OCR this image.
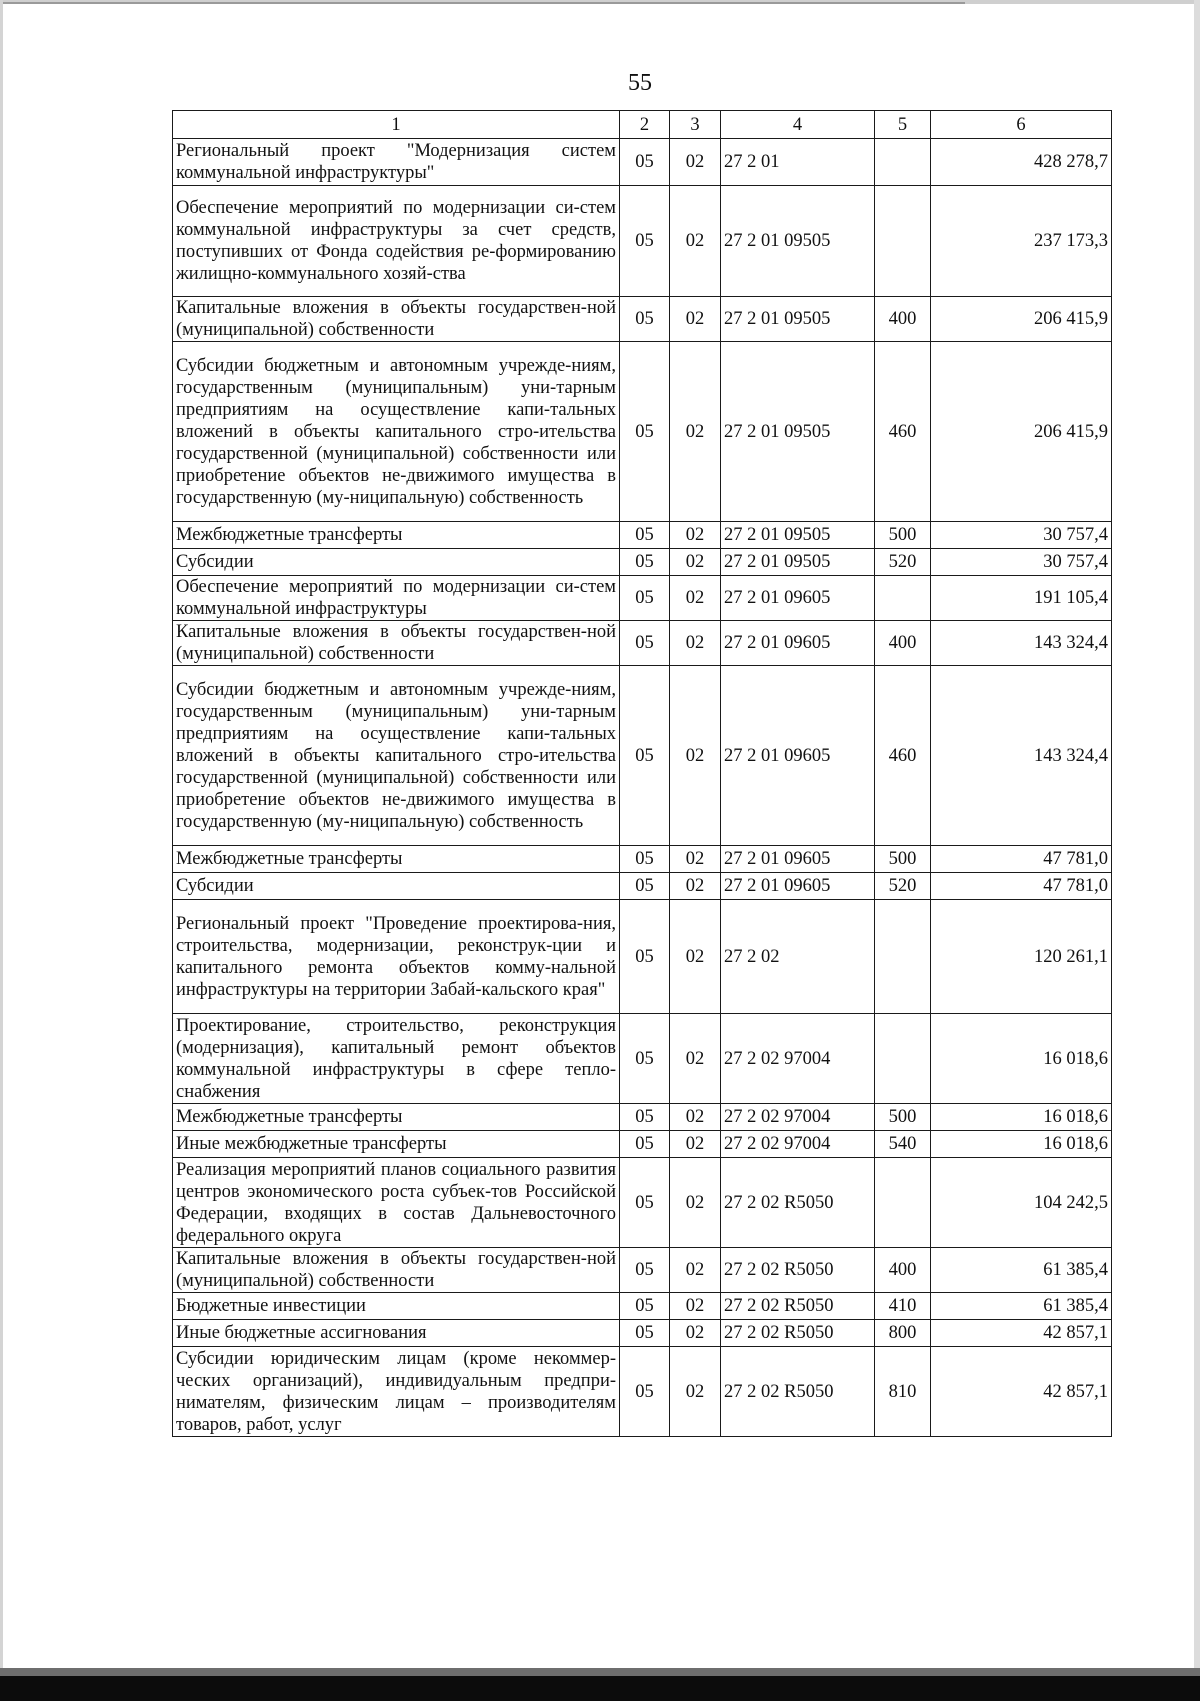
55
1	2	3	4	5	6
Региональный проект "Модернизация систем коммунальной инфраструктуры"	05	02	27 2 01		428 278,7
Обеспечение мероприятий по модернизации си-стем коммунальной инфраструктуры за счет средств, поступивших от Фонда содействия ре-формированию жилищно-коммунального хозяй-ства	05	02	27 2 01 09505		237 173,3
Капитальные вложения в объекты государствен-ной (муниципальной) собственности	05	02	27 2 01 09505	400	206 415,9
Субсидии бюджетным и автономным учрежде-ниям, государственным (муниципальным) уни-тарным предприятиям на осуществление капи-тальных вложений в объекты капитального стро-ительства государственной (муниципальной) собственности или приобретение объектов не-движимого имущества в государственную (му-ниципальную) собственность	05	02	27 2 01 09505	460	206 415,9
Межбюджетные трансферты	05	02	27 2 01 09505	500	30 757,4
Субсидии	05	02	27 2 01 09505	520	30 757,4
Обеспечение мероприятий по модернизации си-стем коммунальной инфраструктуры	05	02	27 2 01 09605		191 105,4
Капитальные вложения в объекты государствен-ной (муниципальной) собственности	05	02	27 2 01 09605	400	143 324,4
Субсидии бюджетным и автономным учрежде-ниям, государственным (муниципальным) уни-тарным предприятиям на осуществление капи-тальных вложений в объекты капитального стро-ительства государственной (муниципальной) собственности или приобретение объектов не-движимого имущества в государственную (му-ниципальную) собственность	05	02	27 2 01 09605	460	143 324,4
Межбюджетные трансферты	05	02	27 2 01 09605	500	47 781,0
Субсидии	05	02	27 2 01 09605	520	47 781,0
Региональный проект "Проведение проектирова-ния, строительства, модернизации, реконструк-ции и капитального ремонта объектов комму-нальной инфраструктуры на территории Забай-кальского края"	05	02	27 2 02		120 261,1
Проектирование, строительство, реконструкция (модернизация), капитальный ремонт объектов коммунальной инфраструктуры в сфере тепло-снабжения	05	02	27 2 02 97004		16 018,6
Межбюджетные трансферты	05	02	27 2 02 97004	500	16 018,6
Иные межбюджетные трансферты	05	02	27 2 02 97004	540	16 018,6
Реализация мероприятий планов социального развития центров экономического роста субъек-тов Российской Федерации, входящих в состав Дальневосточного федерального округа	05	02	27 2 02 R5050		104 242,5
Капитальные вложения в объекты государствен-ной (муниципальной) собственности	05	02	27 2 02 R5050	400	61 385,4
Бюджетные инвестиции	05	02	27 2 02 R5050	410	61 385,4
Иные бюджетные ассигнования	05	02	27 2 02 R5050	800	42 857,1
Субсидии юридическим лицам (кроме некоммер-ческих организаций), индивидуальным предпри-нимателям, физическим лицам – производителям товаров, работ, услуг	05	02	27 2 02 R5050	810	42 857,1
